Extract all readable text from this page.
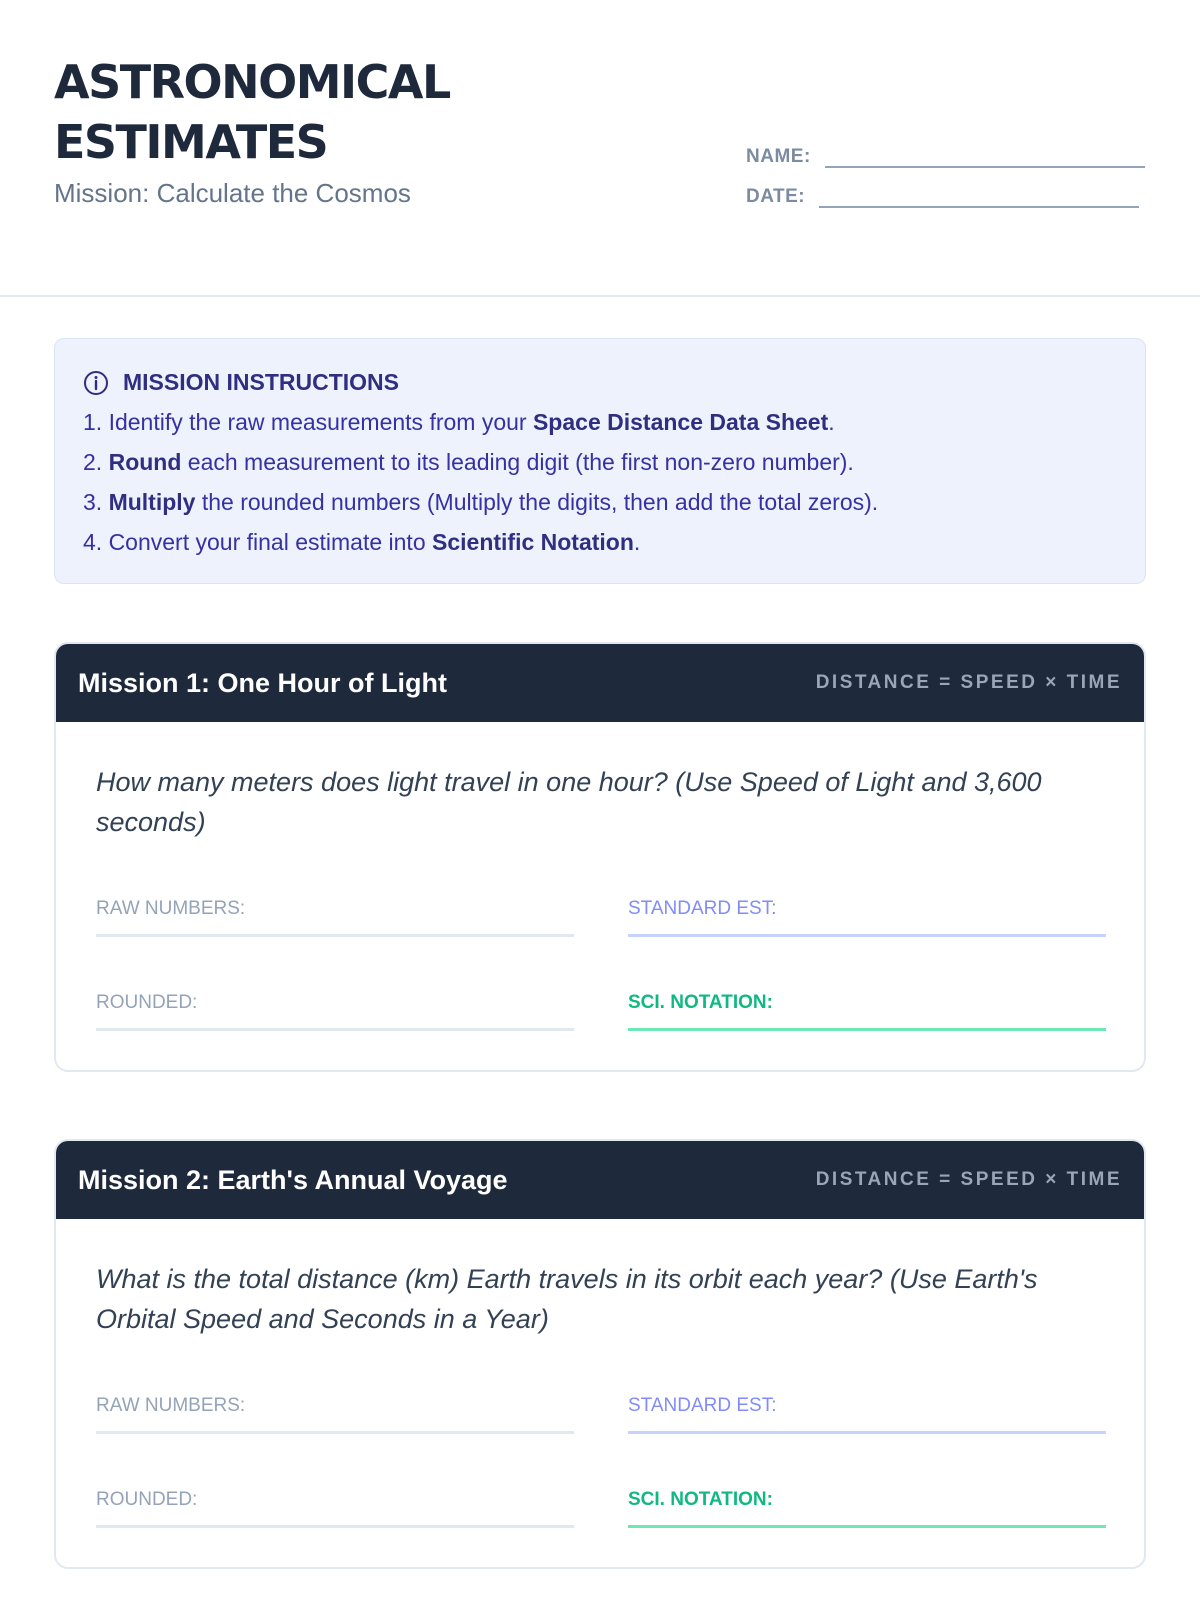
ASTRONOMICAL
ESTIMATES
Mission: Calculate the Cosmos
NAME:
DATE:
MISSION INSTRUCTIONS
1. Identify the raw measurements from your Space Distance Data Sheet.
2. Round each measurement to its leading digit (the first non-zero number).
3. Multiply the rounded numbers (Multiply the digits, then add the total zeros).
4. Convert your final estimate into Scientific Notation.
Mission 1: One Hour of Light	DISTANCE = SPEED × TIME
How many meters does light travel in one hour? (Use Speed of Light and 3,600 seconds)
RAW NUMBERS:	STANDARD EST:
ROUNDED:	SCI. NOTATION:
Mission 2: Earth's Annual Voyage	DISTANCE = SPEED × TIME
What is the total distance (km) Earth travels in its orbit each year? (Use Earth's Orbital Speed and Seconds in a Year)
RAW NUMBERS:	STANDARD EST:
ROUNDED:	SCI. NOTATION:
